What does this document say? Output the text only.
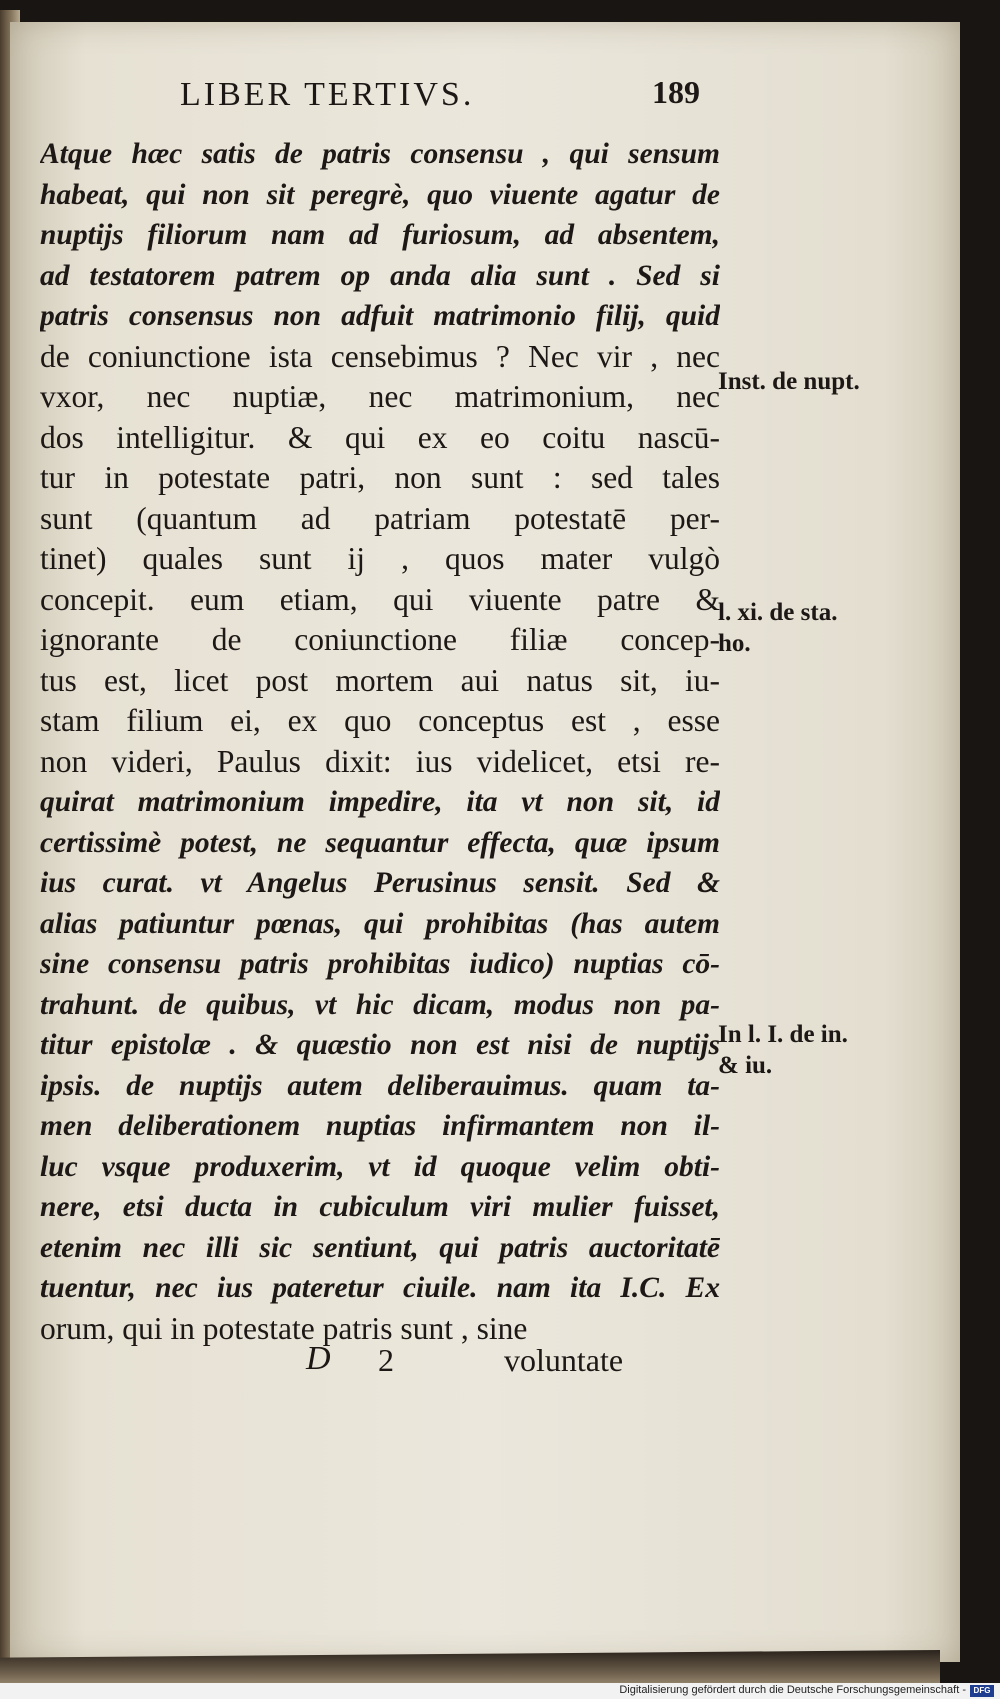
LIBER TERTIVS.	189
Atque hæc satis de patris consensu , qui sensum
habeat, qui non sit peregrè, quo viuente agatur de
nuptijs filiorum nam ad furiosum, ad absentem,
ad testatorem patrem op anda alia sunt . Sed si
patris consensus non adfuit matrimonio filij, quid
de coniunctione ista censebimus ? Nec vir , nec
vxor, nec nuptiæ, nec matrimonium, nec
dos intelligitur. & qui ex eo coitu nascū-
tur in potestate patri, non sunt : sed tales
sunt (quantum ad patriam potestatē per-
tinet) quales sunt ij , quos mater vulgò
concepit. eum etiam, qui viuente patre &
ignorante de coniunctione filiæ concep-
tus est, licet post mortem aui natus sit, iu-
stam filium ei, ex quo conceptus est , esse
non videri, Paulus dixit: ius videlicet, etsi re-
quirat matrimonium impedire, ita vt non sit, id
certissimè potest, ne sequantur effecta, quæ ipsum
ius curat. vt Angelus Perusinus sensit. Sed &
alias patiuntur pœnas, qui prohibitas (has autem
sine consensu patris prohibitas iudico) nuptias cō-
trahunt. de quibus, vt hic dicam, modus non pa-
titur epistolæ . & quæstio non est nisi de nuptijs
ipsis. de nuptijs autem deliberauimus. quam ta-
men deliberationem nuptias infirmantem non il-
luc vsque produxerim, vt id quoque velim obti-
nere, etsi ducta in cubiculum viri mulier fuisset,
etenim nec illi sic sentiunt, qui patris auctoritatē
tuentur, nec ius pateretur ciuile. nam ita I.C. Ex
orum, qui in potestate patris sunt , sine
Inst. de nupt.
l. xi. de sta.
ho.
In l. I. de in.
& iu.
D 2	voluntate
Digitalisierung gefördert durch die Deutsche Forschungsgemeinschaft - DFG
